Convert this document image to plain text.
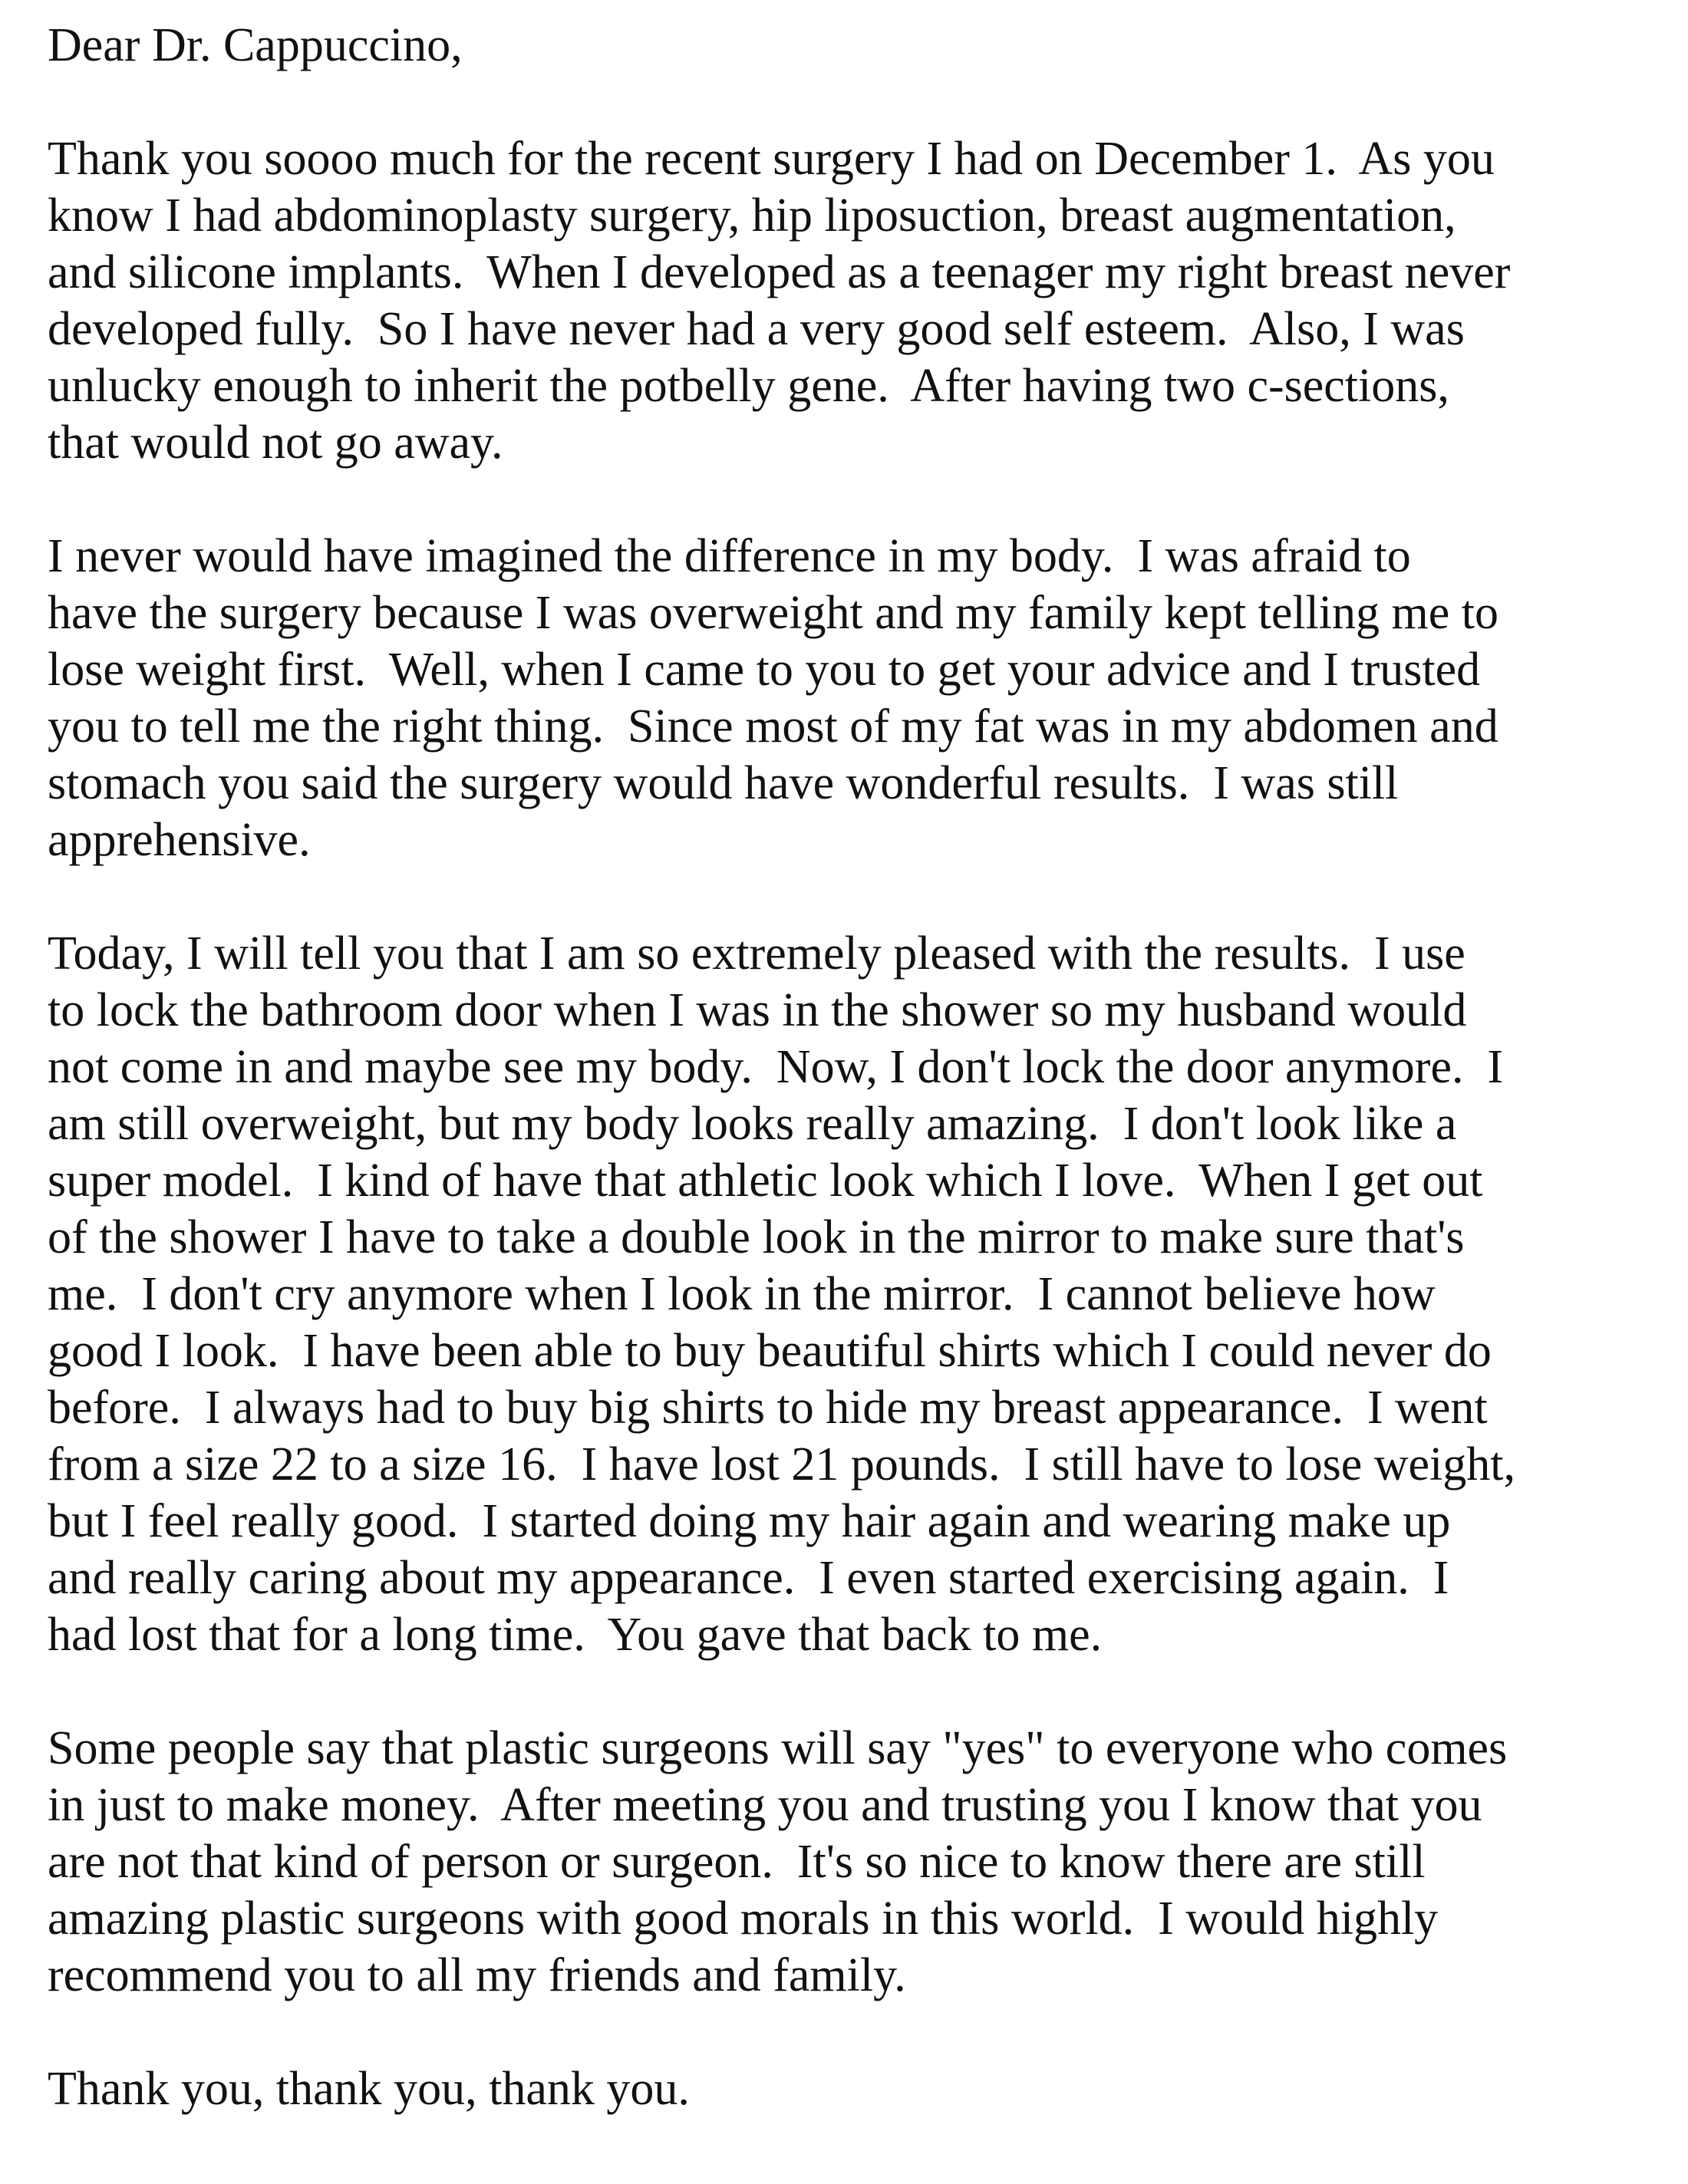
Dear Dr. Cappuccino,

Thank you soooo much for the recent surgery I had on December 1.  As you
know I had abdominoplasty surgery, hip liposuction, breast augmentation,
and silicone implants.  When I developed as a teenager my right breast never
developed fully.  So I have never had a very good self esteem.  Also, I was
unlucky enough to inherit the potbelly gene.  After having two c-sections,
that would not go away.
I never would have imagined the difference in my body.  I was afraid to
have the surgery because I was overweight and my family kept telling me to
lose weight first.  Well, when I came to you to get your advice and I trusted
you to tell me the right thing.  Since most of my fat was in my abdomen and
stomach you said the surgery would have wonderful results.  I was still
apprehensive.
Today, I will tell you that I am so extremely pleased with the results.  I use
to lock the bathroom door when I was in the shower so my husband would
not come in and maybe see my body.  Now, I don't lock the door anymore.  I
am still overweight, but my body looks really amazing.  I don't look like a
super model.  I kind of have that athletic look which I love.  When I get out
of the shower I have to take a double look in the mirror to make sure that's
me.  I don't cry anymore when I look in the mirror.  I cannot believe how
good I look.  I have been able to buy beautiful shirts which I could never do
before.  I always had to buy big shirts to hide my breast appearance.  I went
from a size 22 to a size 16.  I have lost 21 pounds.  I still have to lose weight,
but I feel really good.  I started doing my hair again and wearing make up
and really caring about my appearance.  I even started exercising again.  I
had lost that for a long time.  You gave that back to me.
Some people say that plastic surgeons will say "yes" to everyone who comes
in just to make money.  After meeting you and trusting you I know that you
are not that kind of person or surgeon.  It's so nice to know there are still
amazing plastic surgeons with good morals in this world.  I would highly
recommend you to all my friends and family.

Thank you, thank you, thank you.
